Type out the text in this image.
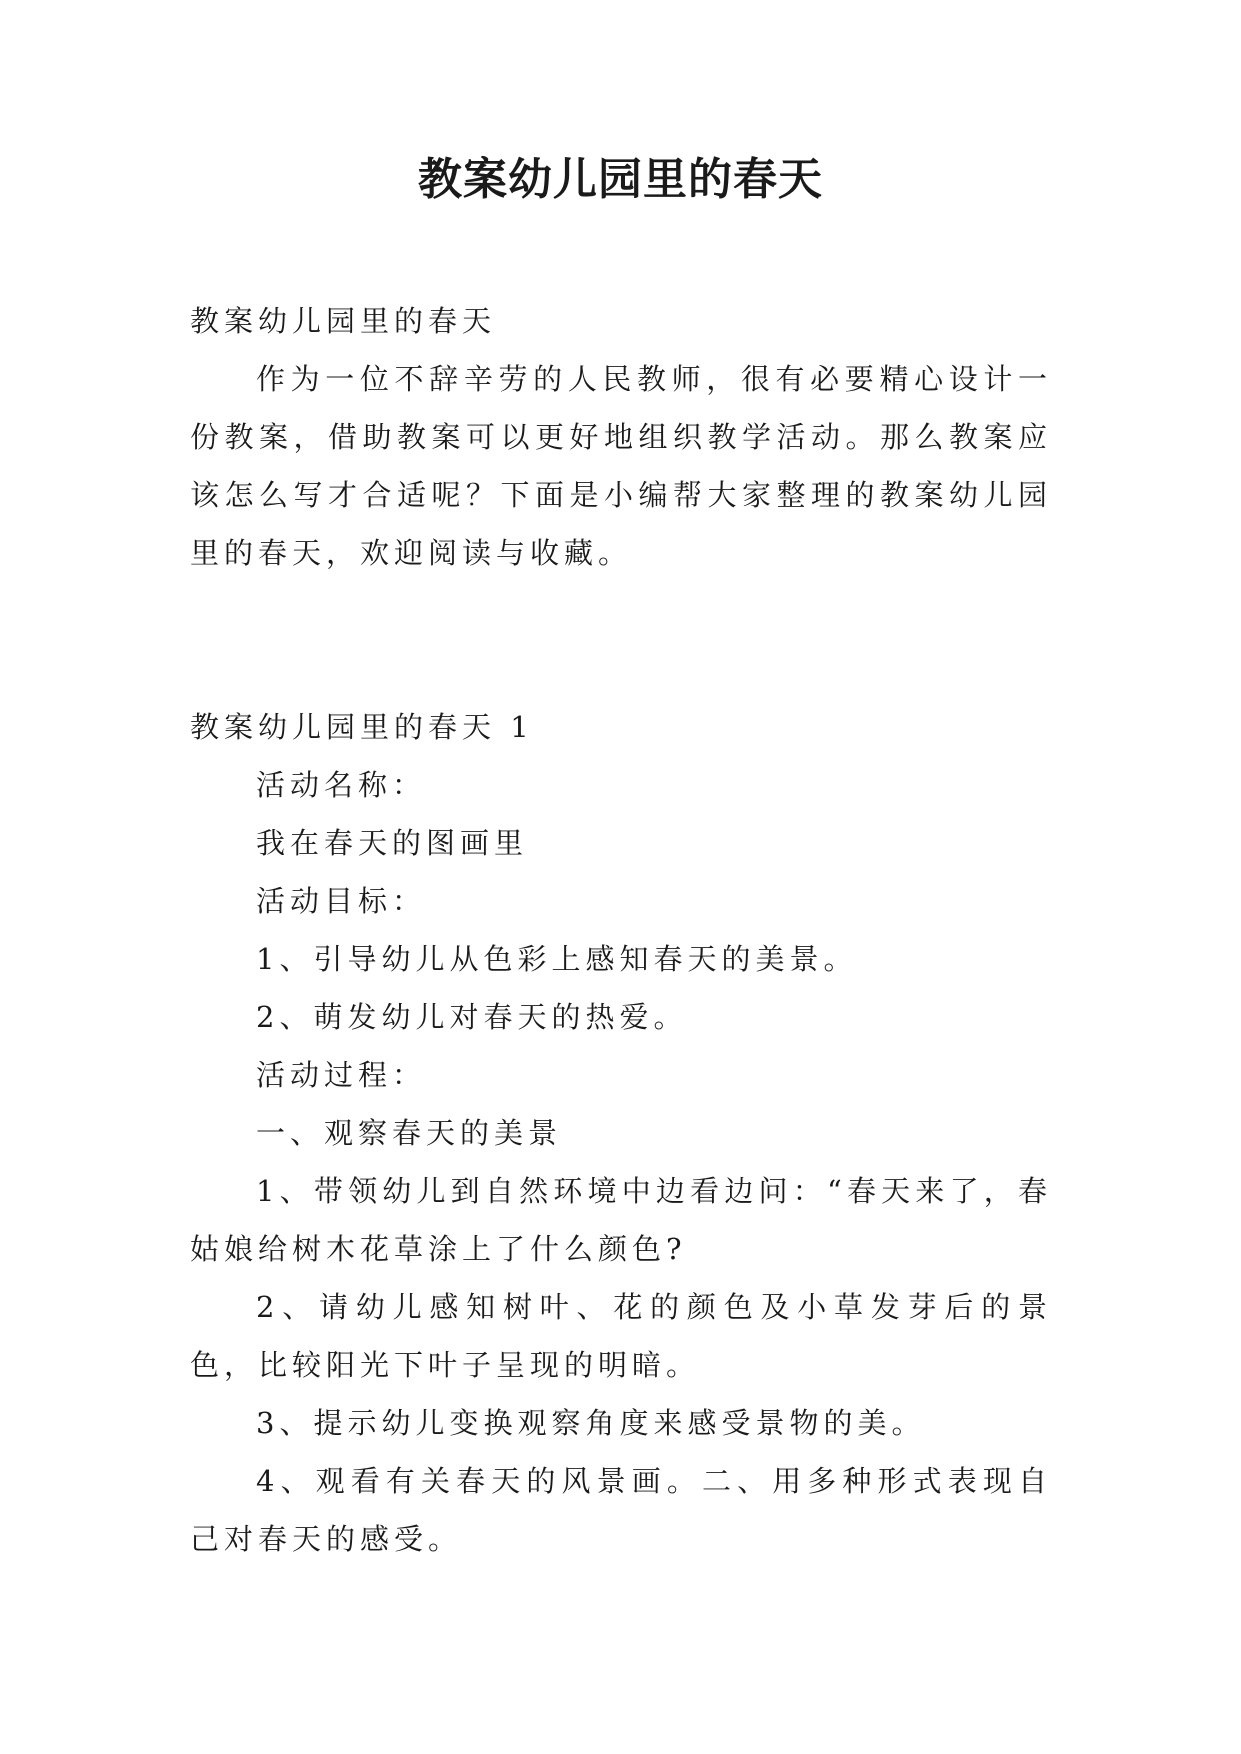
教案幼儿园里的春天

教案幼儿园里的春天

作为一位不辞辛劳的人民教师，很有必要精心设计一份教案，借助教案可以更好地组织教学活动。那么教案应该怎么写才合适呢？下面是小编帮大家整理的教案幼儿园里的春天，欢迎阅读与收藏。

教案幼儿园里的春天 1

活动名称：

我在春天的图画里

活动目标：

1、引导幼儿从色彩上感知春天的美景。

2、萌发幼儿对春天的热爱。

活动过程：

一、观察春天的美景

1、带领幼儿到自然环境中边看边问：“春天来了，春姑娘给树木花草涂上了什么颜色?

2、请幼儿感知树叶、花的颜色及小草发芽后的景色，比较阳光下叶子呈现的明暗。

3、提示幼儿变换观察角度来感受景物的美。

4、观看有关春天的风景画。二、用多种形式表现自己对春天的感受。
